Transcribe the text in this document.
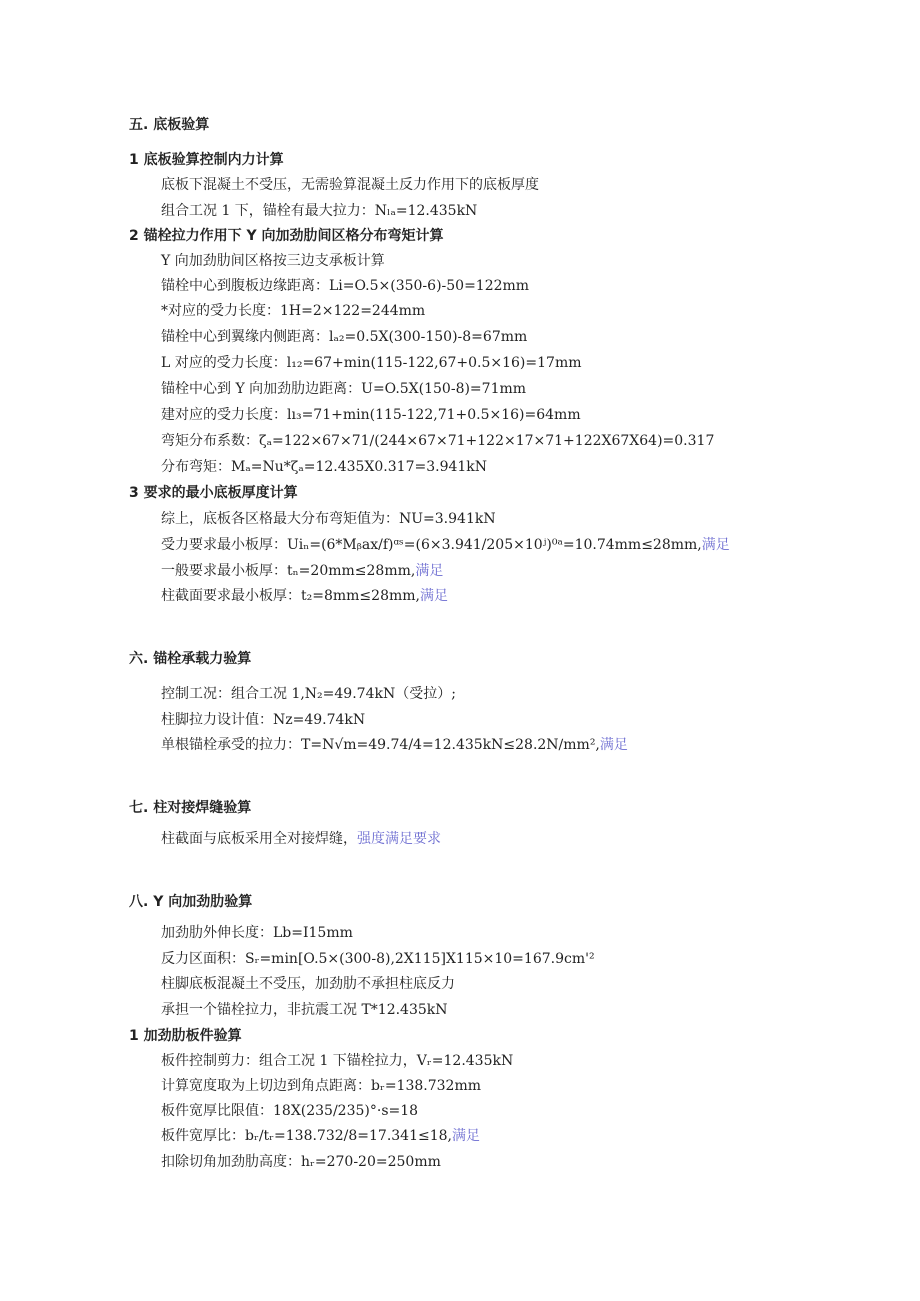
五. 底板验算
1 底板验算控制内力计算
底板下混凝土不受压，无需验算混凝土反力作用下的底板厚度
组合工况 1 下，锚栓有最大拉力：Nₗₐ=12.435kN
2 锚栓拉力作用下 Y 向加劲肋间区格分布弯矩计算
Y 向加劲肋间区格按三边支承板计算
锚栓中心到腹板边缘距离：Li=O.5×(350-6)-50=122mm
*对应的受力长度：1H=2×122=244mm
锚栓中心到翼缘内侧距离：lₐ₂=0.5X(300-150)-8=67mm
L 对应的受力长度：l₁₂=67+min(115-122,67+0.5×16)=17mm
锚栓中心到 Y 向加劲肋边距离：U=O.5X(150-8)=71mm
建对应的受力长度：lı₃=71+min(115-122,71+0.5×16)=64mm
弯矩分布系数：ζₐ=122×67×71∕(244×67×71+122×17×71+122X67X64)=0.317
分布弯矩：Mₐ=Nu*ζₐ=12.435X0.317=3.941kN
3 要求的最小底板厚度计算
综上，底板各区格最大分布弯矩值为：NU=3.941kN
受力要求最小板厚：Uiₙ=(6*Mᵦax/f)ᵅˢ=(6×3.941/205×10ʲ)⁰ᵃ=10.74mm≤28mm,满足
一般要求最小板厚：tₙ=20mm≤28mm,满足
柱截面要求最小板厚：t₂=8mm≤28mm,满足
六. 锚栓承载力验算
控制工况：组合工况 1,N₂=49.74kN（受拉）;
柱脚拉力设计值：Nz=49.74kN
单根锚栓承受的拉力：T=N√m=49.74/4=12.435kN≤28.2N∕mm²,满足
七. 柱对接焊缝验算
柱截面与底板采用全对接焊缝，强度满足要求
八. Y 向加劲肋验算
加劲肋外伸长度：Lb=I15mm
反力区面积：Sᵣ=min[O.5×(300-8),2X115]X115×10=167.9cm'²
柱脚底板混凝土不受压，加劲肋不承担柱底反力
承担一个锚栓拉力，非抗震工况 T*12.435kN
1 加劲肋板件验算
板件控制剪力：组合工况 1 下锚栓拉力，Vᵣ=12.435kN
计算宽度取为上切边到角点距离：bᵣ=138.732mm
板件宽厚比限值：18X(235∕235)°·s=18
板件宽厚比：bᵣ∕tᵣ=138.732/8=17.341≤18,满足
扣除切角加劲肋高度：hᵣ=270-20=250mm
